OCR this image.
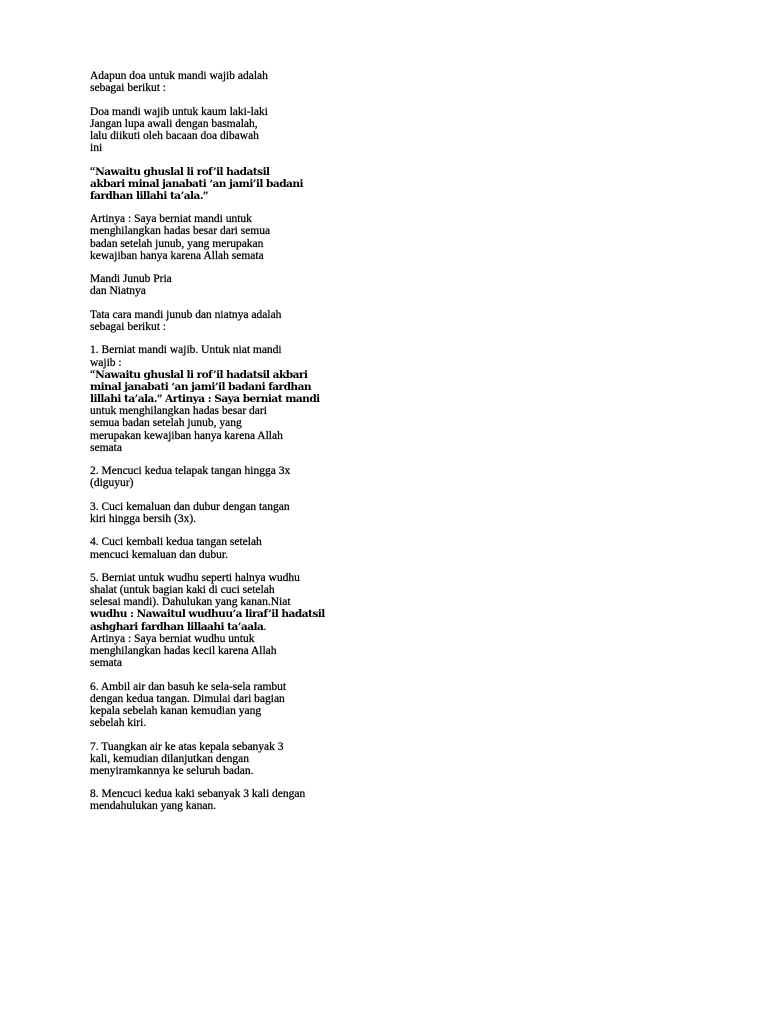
Adapun doa untuk mandi wajib adalah
sebagai berikut :
Doa mandi wajib untuk kaum laki-laki
Jangan lupa awali dengan basmalah,
lalu diikuti oleh bacaan doa dibawah
ini
“Nawaitu ghuslal li rof’il hadatsil
akbari minal janabati ‘an jami’il badani
fardhan lillahi ta’ala.”
Artinya : Saya berniat mandi untuk
menghilangkan hadas besar dari semua
badan setelah junub, yang merupakan
kewajiban hanya karena Allah semata
Mandi Junub Pria
dan Niatnya
Tata cara mandi junub dan niatnya adalah
sebagai berikut :
1. Berniat mandi wajib. Untuk niat mandi
wajib :
“Nawaitu ghuslal li rof’il hadatsil akbari
minal janabati ‘an jami’il badani fardhan
lillahi ta’ala.” Artinya : Saya berniat mandi
untuk menghilangkan hadas besar dari
semua badan setelah junub, yang
merupakan kewajiban hanya karena Allah
semata
2. Mencuci kedua telapak tangan hingga 3x
(diguyur)
3. Cuci kemaluan dan dubur dengan tangan
kiri hingga bersih (3x).
4. Cuci kembali kedua tangan setelah
mencuci kemaluan dan dubur.
5. Berniat untuk wudhu seperti halnya wudhu
shalat (untuk bagian kaki di cuci setelah
selesai mandi). Dahulukan yang kanan.Niat
wudhu : Nawaitul wudhuu’a liraf’il hadatsil
ashghari fardhan lillaahi ta’aala.
Artinya : Saya berniat wudhu untuk
menghilangkan hadas kecil karena Allah
semata
6. Ambil air dan basuh ke sela-sela rambut
dengan kedua tangan. Dimulai dari bagian
kepala sebelah kanan kemudian yang
sebelah kiri.
7. Tuangkan air ke atas kepala sebanyak 3
kali, kemudian dilanjutkan dengan
menyiramkannya ke seluruh badan.
8. Mencuci kedua kaki sebanyak 3 kali dengan
mendahulukan yang kanan.
